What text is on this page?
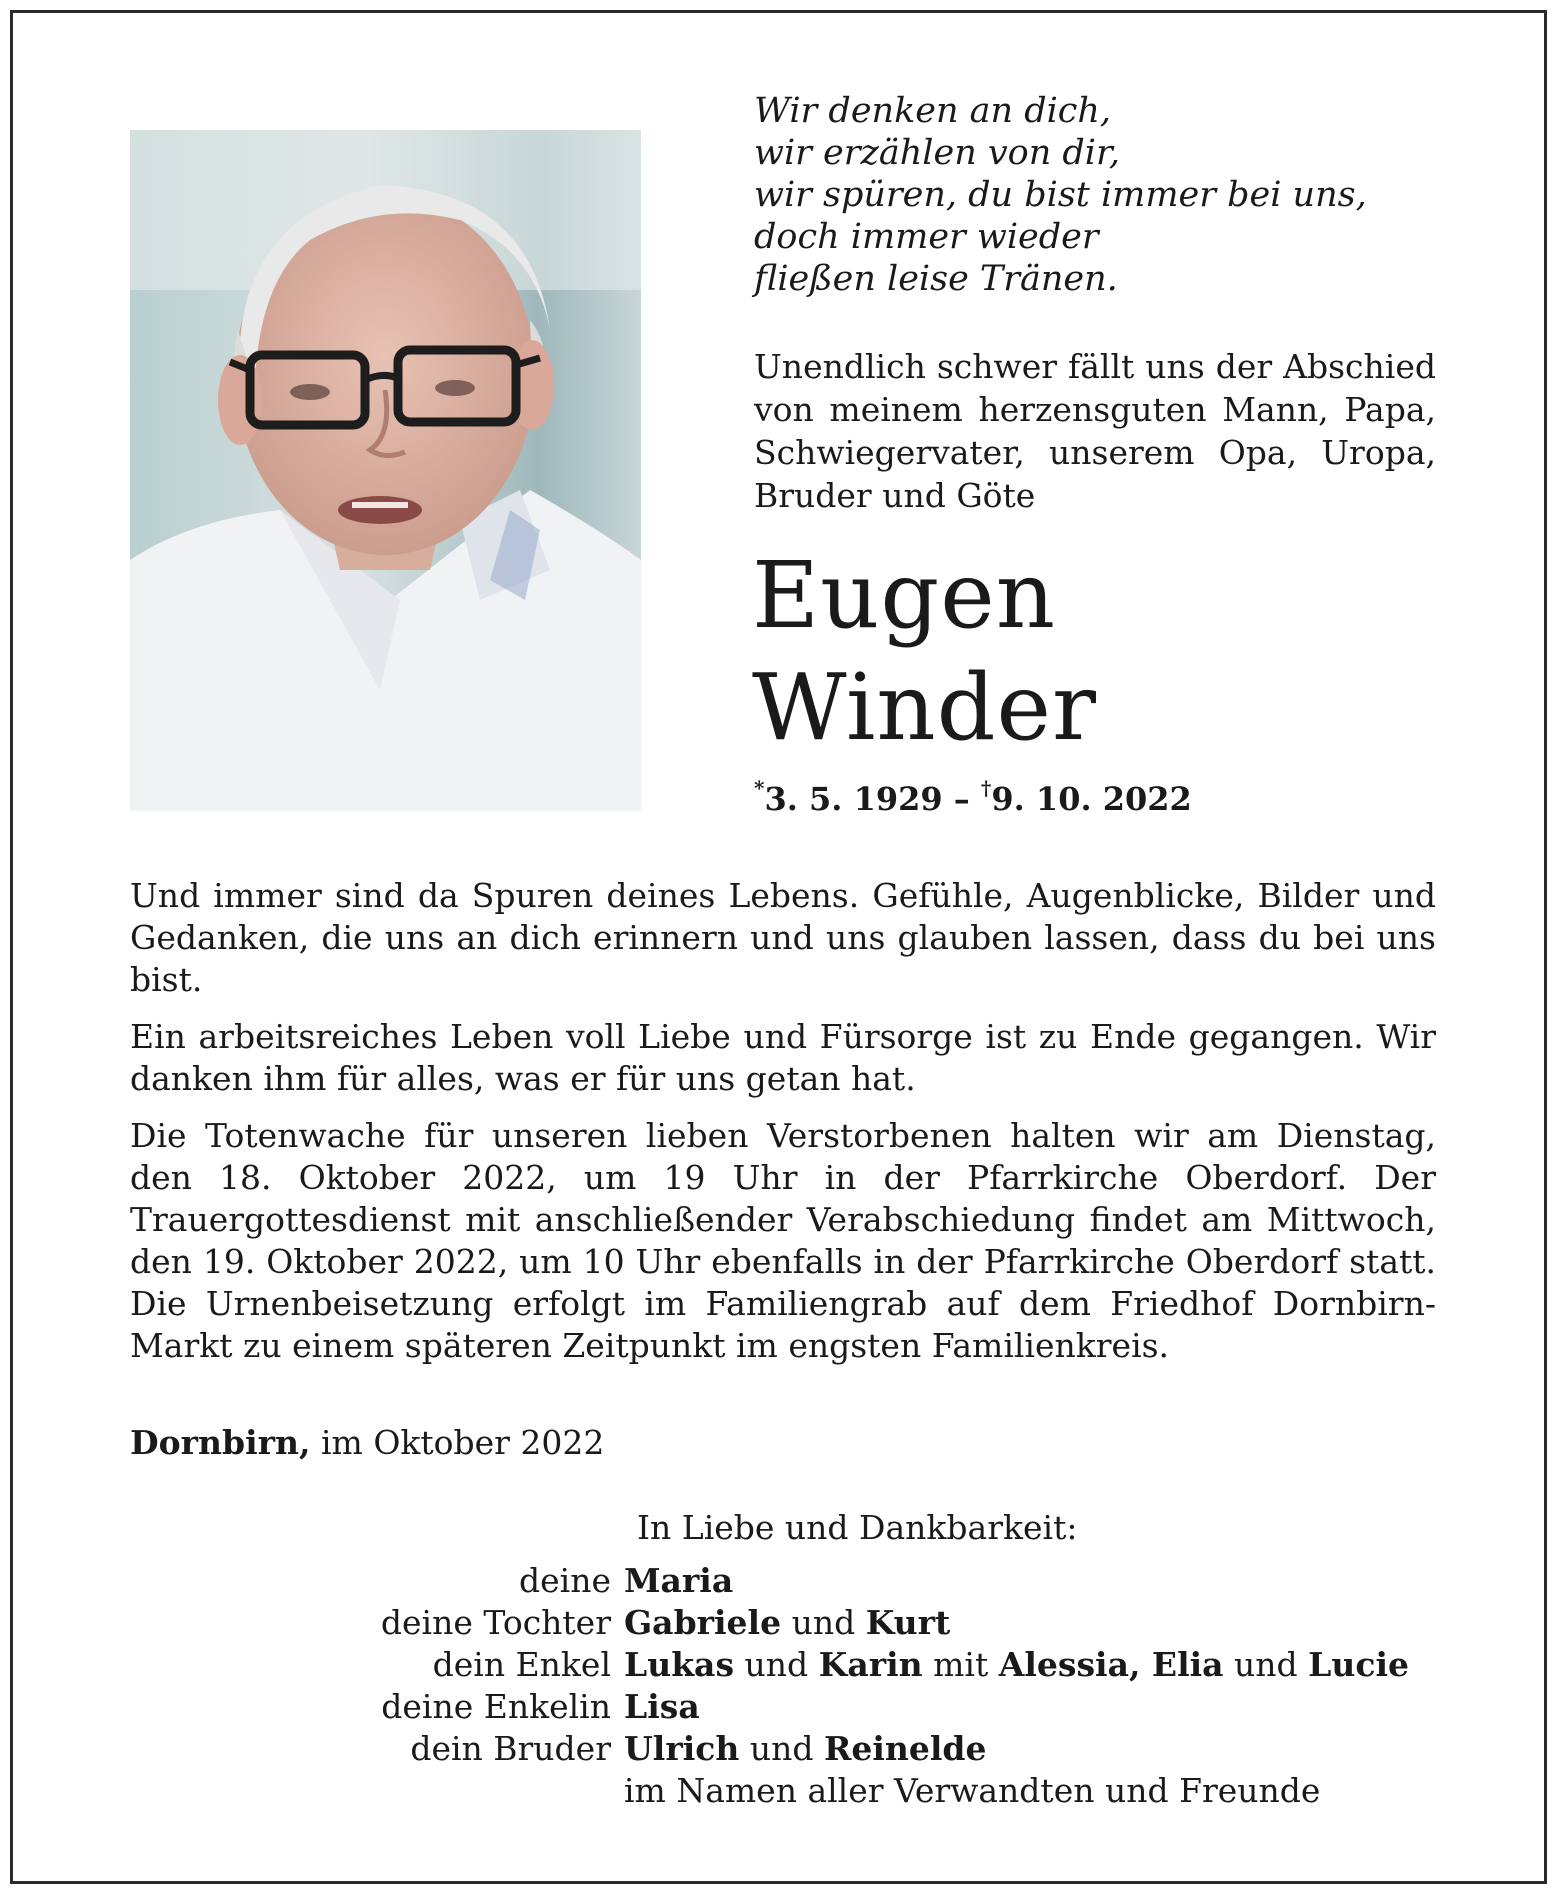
Wir denken an dich,
wir erzählen von dir,
wir spüren, du bist immer bei uns,
doch immer wieder
fließen leise Tränen.
Unendlich schwer fällt uns der Abschied von meinem herzensguten Mann, Papa, Schwiegervater, unserem Opa, Uropa, Bruder und Göte
Eugen
Winder
*3. 5. 1929 – †9. 10. 2022

Und immer sind da Spuren deines Lebens. Gefühle, Augenblicke, Bilder und Gedanken, die uns an dich erinnern und uns glauben lassen, dass du bei uns bist.

Ein arbeitsreiches Leben voll Liebe und Fürsorge ist zu Ende gegangen. Wir danken ihm für alles, was er für uns getan hat.

Die Totenwache für unseren lieben Verstorbenen halten wir am Dienstag, den 18. Oktober 2022, um 19 Uhr in der Pfarrkirche Oberdorf. Der Trauergottesdienst mit anschließender Verabschiedung findet am Mittwoch, den 19. Oktober 2022, um 10 Uhr ebenfalls in der Pfarrkirche Oberdorf statt. Die Urnenbeisetzung erfolgt im Familiengrab auf dem Friedhof Dornbirn-Markt zu einem späteren Zeitpunkt im engsten Familienkreis.

Dornbirn, im Oktober 2022
In Liebe und Dankbarkeit:
deine Maria
deine Tochter Gabriele und Kurt
dein Enkel Lukas und Karin mit Alessia, Elia und Lucie
deine Enkelin Lisa
dein Bruder Ulrich und Reinelde
im Namen aller Verwandten und Freunde
